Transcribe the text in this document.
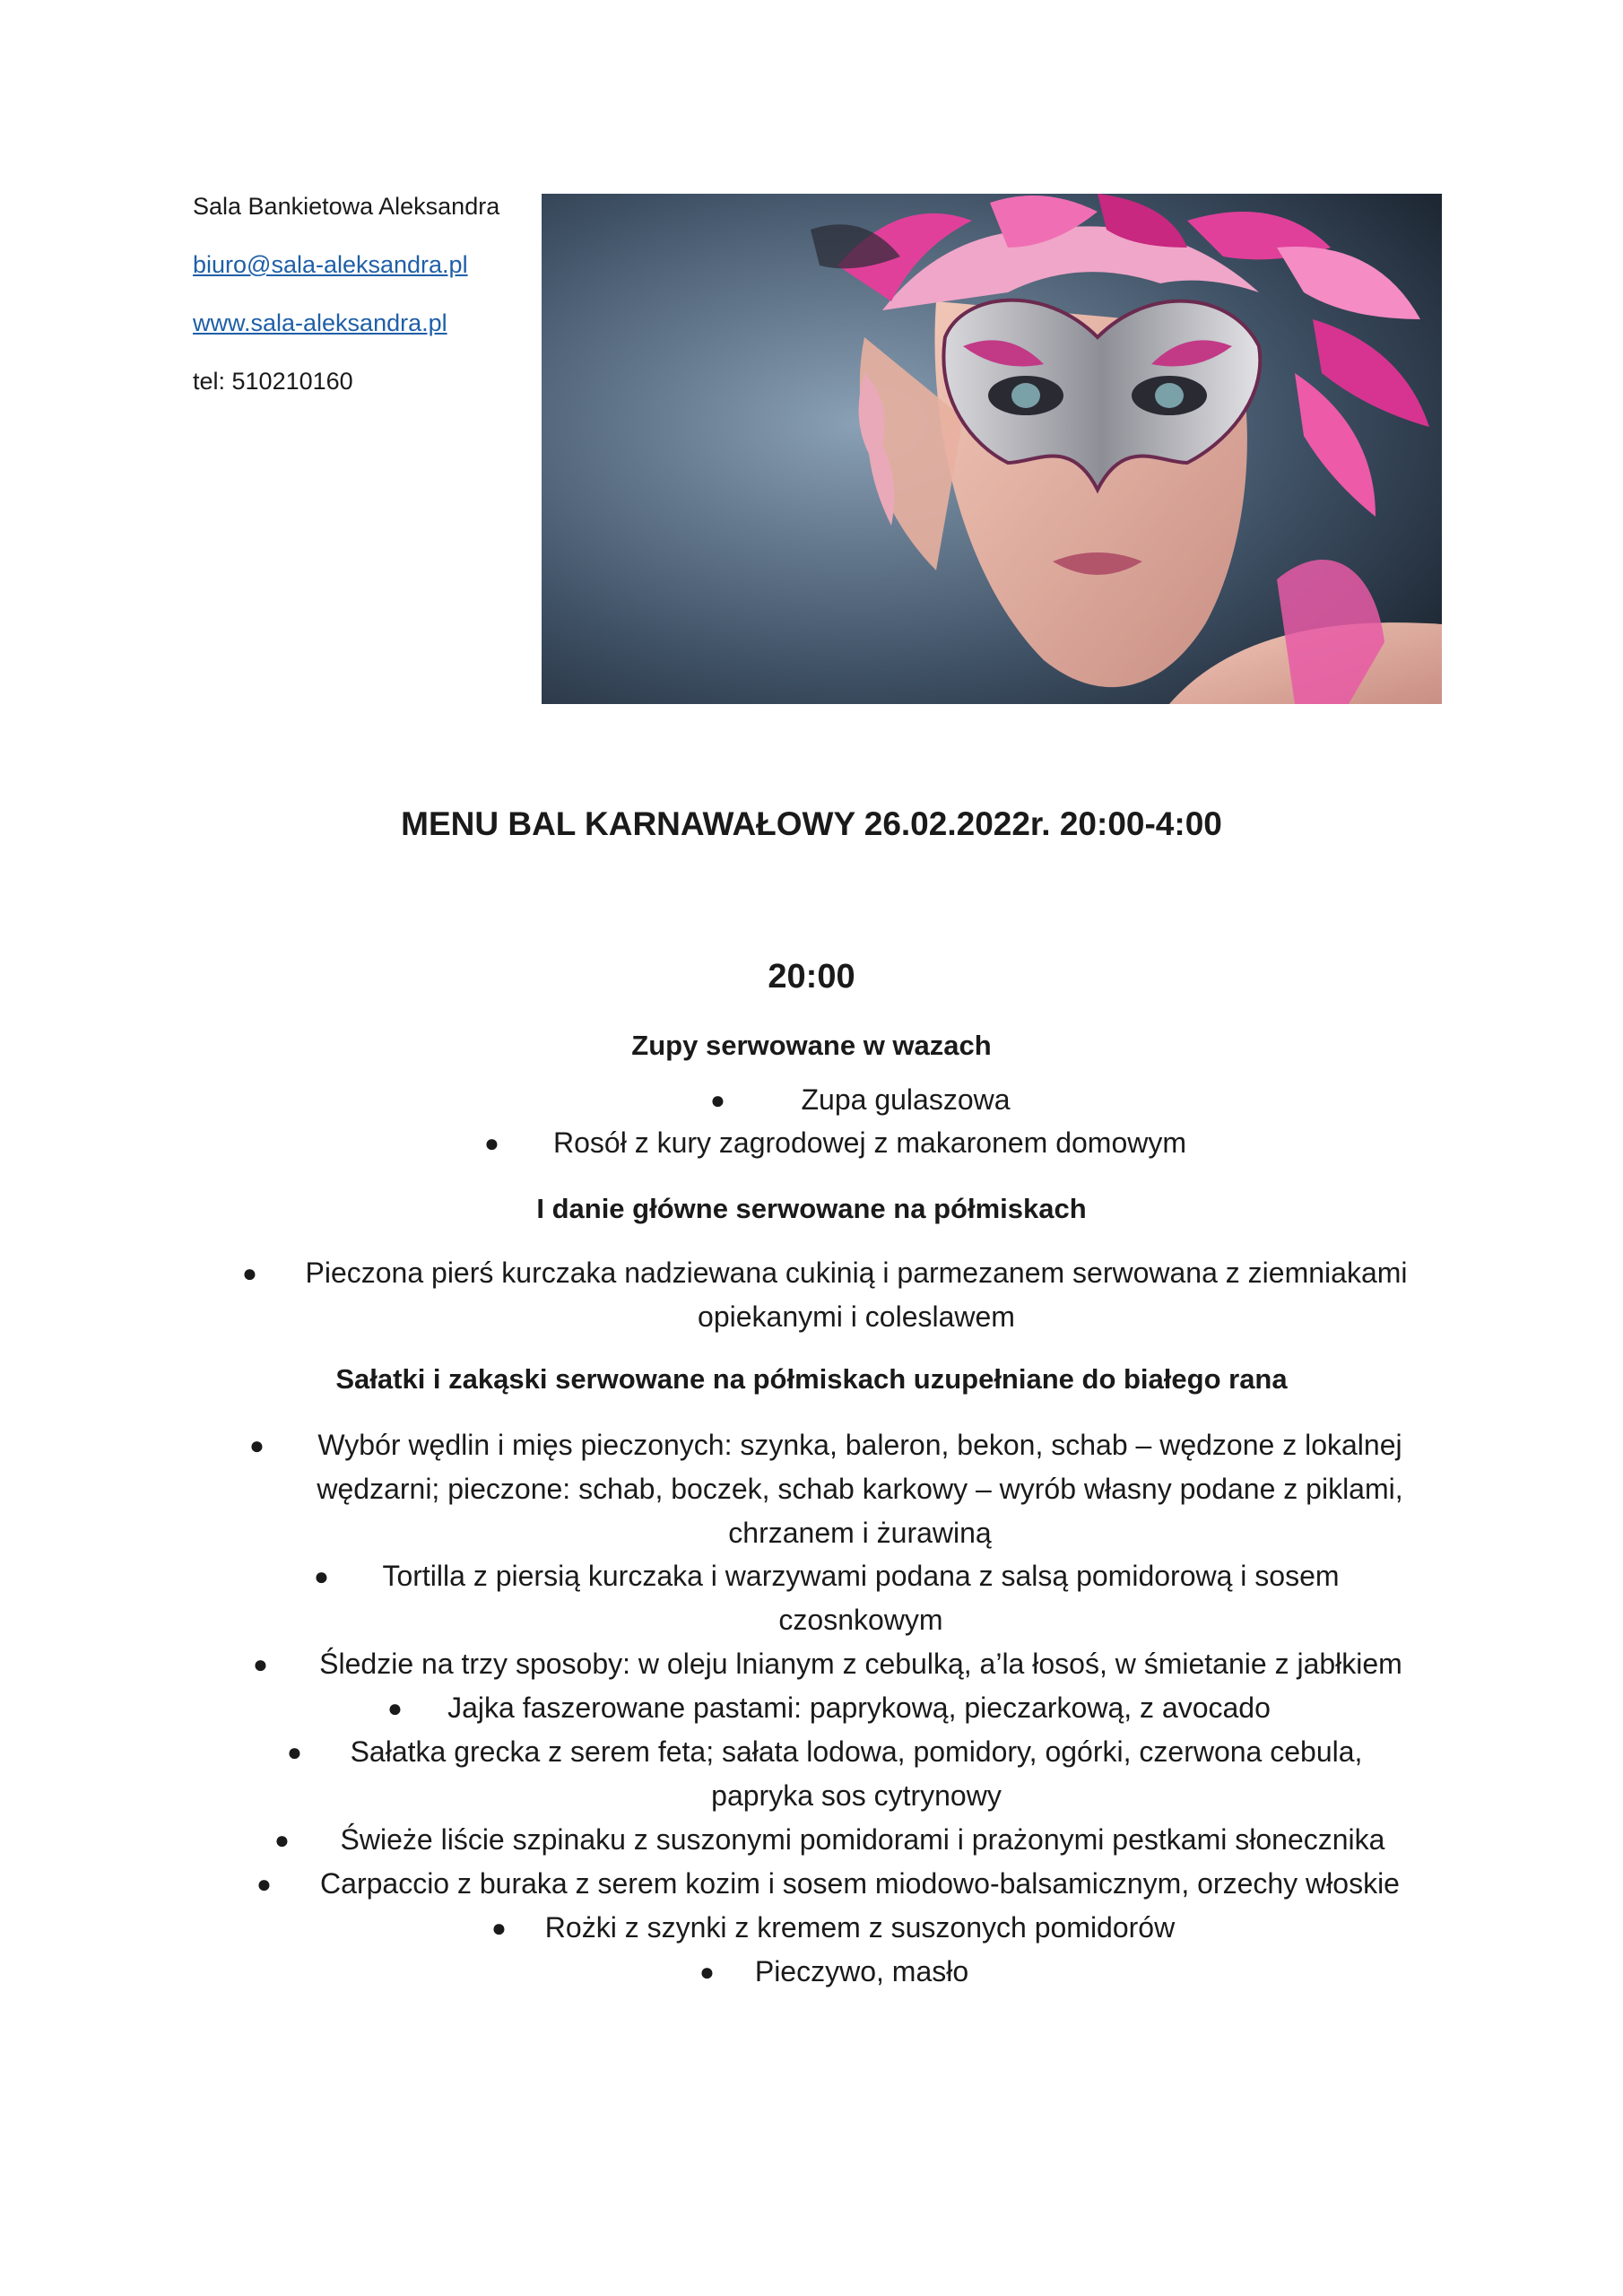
Sala Bankietowa Aleksandra
biuro@sala-aleksandra.pl
www.sala-aleksandra.pl
tel: 510210160
MENU BAL KARNAWAŁOWY 26.02.2022r. 20:00-4:00
20:00
Zupy serwowane w wazach
●	Zupa gulaszowa
●	Rosół z kury zagrodowej z makaronem domowym
I danie główne serwowane na półmiskach
●	Pieczona pierś kurczaka nadziewana cukinią i parmezanem serwowana z ziemniakami opiekanymi i coleslawem
Sałatki i zakąski serwowane na półmiskach uzupełniane do białego rana
●	Wybór wędlin i mięs pieczonych: szynka, baleron, bekon, schab – wędzone z lokalnej wędzarni; pieczone: schab, boczek, schab karkowy – wyrób własny podane z piklami, chrzanem i żurawiną
●	Tortilla z piersią kurczaka i warzywami podana z salsą pomidorową i sosem czosnkowym
●	Śledzie na trzy sposoby: w oleju lnianym z cebulką, a’la łosoś, w śmietanie z jabłkiem
●	Jajka faszerowane pastami: paprykową, pieczarkową, z avocado
●	Sałatka grecka z serem feta; sałata lodowa, pomidory, ogórki, czerwona cebula, papryka sos cytrynowy
●	Świeże liście szpinaku z suszonymi pomidorami i prażonymi pestkami słonecznika
●	Carpaccio z buraka z serem kozim i sosem miodowo-balsamicznym, orzechy włoskie
●	Rożki z szynki z kremem z suszonych pomidorów
●	Pieczywo, masło
